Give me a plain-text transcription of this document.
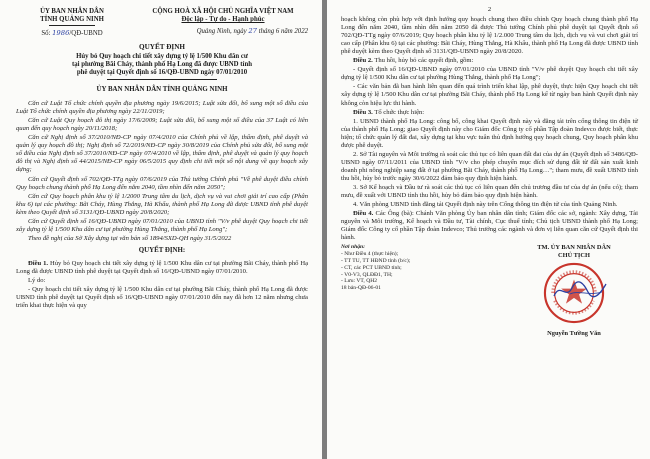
ỦY BAN NHÂN DÂN
TỈNH QUẢNG NINH
Số: 1986/QĐ-UBND
CỘNG HOÀ XÃ HỘI CHỦ NGHĨA VIỆT NAM
Độc lập - Tự do - Hạnh phúc
Quảng Ninh, ngày 27 tháng 6 năm 2022
QUYẾT ĐỊNH
Hủy bỏ Quy hoạch chi tiết xây dựng tỷ lệ 1/500 Khu dân cư
tại phường Bãi Cháy, thành phố Hạ Long đã được UBND tỉnh
phê duyệt tại Quyết định số 16/QĐ-UBND ngày 07/01/2010
ỦY BAN NHÂN DÂN TỈNH QUẢNG NINH
Căn cứ Luật Tổ chức chính quyền địa phương ngày 19/6/2015; Luật sửa đổi, bổ sung một số điều của Luật Tổ chức chính quyền địa phương ngày 22/11/2019;
Căn cứ Luật Quy hoạch đô thị ngày 17/6/2009; Luật sửa đổi, bổ sung một số điều của 37 Luật có liên quan đến quy hoạch ngày 20/11/2018;
Căn cứ Nghị định số 37/2010/NĐ-CP ngày 07/4/2010 của Chính phủ về lập, thẩm định, phê duyệt và quản lý quy hoạch đô thị; Nghị định số 72/2019/NĐ-CP ngày 30/8/2019 của Chính phủ sửa đổi, bổ sung một số điều của Nghị định số 37/2010/NĐ-CP ngày 07/4/2010 về lập, thẩm định, phê duyệt và quản lý quy hoạch đô thị và Nghị định số 44/2015/NĐ-CP ngày 06/5/2015 quy định chi tiết một số nội dung về quy hoạch xây dựng;
Căn cứ Quyết định số 702/QĐ-TTg ngày 07/6/2019 của Thủ tướng Chính phủ "Về phê duyệt điều chỉnh Quy hoạch chung thành phố Hạ Long đến năm 2040, tầm nhìn đến năm 2050";
Căn cứ Quy hoạch phân khu tỷ lệ 1/2000 Trung tâm du lịch, dịch vụ và vui chơi giải trí cao cấp (Phân khu 6) tại các phường: Bãi Cháy, Hùng Thắng, Hà Khẩu, thành phố Hạ Long đã được UBND tỉnh phê duyệt kèm theo Quyết định số 3131/QĐ-UBND ngày 20/8/2020;
Căn cứ Quyết định số 16/QĐ-UBND ngày 07/01/2010 của UBND tỉnh "V/v phê duyệt Quy hoạch chi tiết xây dựng tỷ lệ 1/500 Khu dân cư tại phường Hùng Thắng, thành phố Hạ Long";
Theo đề nghị của Sở Xây dựng tại văn bản số 1894/SXD-QH ngày 31/5/2022
QUYẾT ĐỊNH:
Điều 1. Hủy bỏ Quy hoạch chi tiết xây dựng tỷ lệ 1/500 Khu dân cư tại phường Bãi Cháy, thành phố Hạ Long đã được UBND tỉnh phê duyệt tại Quyết định số 16/QĐ-UBND ngày 07/01/2010.
Lý do:
- Quy hoạch chi tiết xây dựng tỷ lệ 1/500 Khu dân cư tại phường Bãi Cháy, thành phố Hạ Long đã được UBND tỉnh phê duyệt tại Quyết định số 16/QĐ-UBND ngày 07/01/2010 đến nay đã hơn 12 năm nhưng chưa triển khai thực hiện và quy
2
hoạch không còn phù hợp với định hướng quy hoạch chung theo điều chỉnh Quy hoạch chung thành phố Hạ Long đến năm 2040, tầm nhìn đến năm 2050 đã được Thủ tướng Chính phủ phê duyệt tại Quyết định số 702/QĐ-TTg ngày 07/6/2019; Quy hoạch phân khu tỷ lệ 1/2.000 Trung tâm du lịch, dịch vụ và vui chơi giải trí cao cấp (Phân khu 6) tại các phường: Bãi Cháy, Hùng Thắng, Hà Khẩu, thành phố Hạ Long đã được UBND tỉnh phê duyệt kèm theo Quyết định số 3131/QĐ-UBND ngày 20/8/2020.
Điều 2. Thu hồi, hủy bỏ các quyết định, gồm:
- Quyết định số 16/QĐ-UBND ngày 07/01/2010 của UBND tỉnh "V/v phê duyệt Quy hoạch chi tiết xây dựng tỷ lệ 1/500 Khu dân cư tại phường Hùng Thắng, thành phố Hạ Long";
- Các văn bản đã ban hành liên quan đến quá trình triển khai lập, phê duyệt, thực hiện Quy hoạch chi tiết xây dựng tỷ lệ 1/500 Khu dân cư tại phường Bãi Cháy, thành phố Hạ Long kể từ ngày ban hành Quyết định này không còn hiệu lực thi hành.
Điều 3. Tổ chức thực hiện:
1. UBND thành phố Hạ Long: công bố, công khai Quyết định này và đăng tải trên cổng thông tin điện tử của thành phố Hạ Long; giao Quyết định này cho Giám đốc Công ty cổ phần Tập đoàn Indevco được biết, thực hiện; tổ chức quản lý đất đai, xây dựng tại khu vực tuân thủ định hướng quy hoạch chung, Quy hoạch phân khu được phê duyệt.
2. Sở Tài nguyên và Môi trường rà soát các thủ tục có liên quan đất đai của dự án (Quyết định số 3486/QĐ-UBND ngày 07/11/2011 của UBND tỉnh "V/v cho phép chuyển mục đích sử dụng đất từ đất sản xuất kinh doanh phi nông nghiệp sang đất ở tại phường Bãi Cháy, thành phố Hạ Long…"; tham mưu, đề xuất UBND tỉnh thu hồi, hủy bỏ trước ngày 30/6/2022 đảm bảo quy định hiện hành.
3. Sở Kế hoạch và Đầu tư rà soát các thủ tục có liên quan đến chủ trương đầu tư của dự án (nếu có); tham mưu, đề xuất với UBND tỉnh thu hồi, hủy bỏ đảm bảo quy định hiện hành.
4. Văn phòng UBND tỉnh đăng tải Quyết định này trên Cổng thông tin điện tử của tỉnh Quảng Ninh.
Điều 4. Các Ông (bà): Chánh Văn phòng Ủy ban nhân dân tỉnh; Giám đốc các sở, ngành: Xây dựng, Tài nguyên và Môi trường, Kế hoạch và Đầu tư, Tài chính, Cục thuế tỉnh; Chủ tịch UBND thành phố Hạ Long; Giám đốc Công ty cổ phần Tập đoàn Indevco; Thủ trưởng các ngành và đơn vị liên quan căn cứ Quyết định thi hành.
Nơi nhận:
- Như Điều 4 (thực hiện);
- TT TU, TT HĐND tỉnh (b/c);
- CT, các PCT UBND tỉnh;
- V0-V3, QLĐĐ1, TH;
- Lưu: VT, QH2
18 bản-QĐ-06-01
TM. ỦY BAN NHÂN DÂN
CHỦ TỊCH
Nguyễn Tường Văn
